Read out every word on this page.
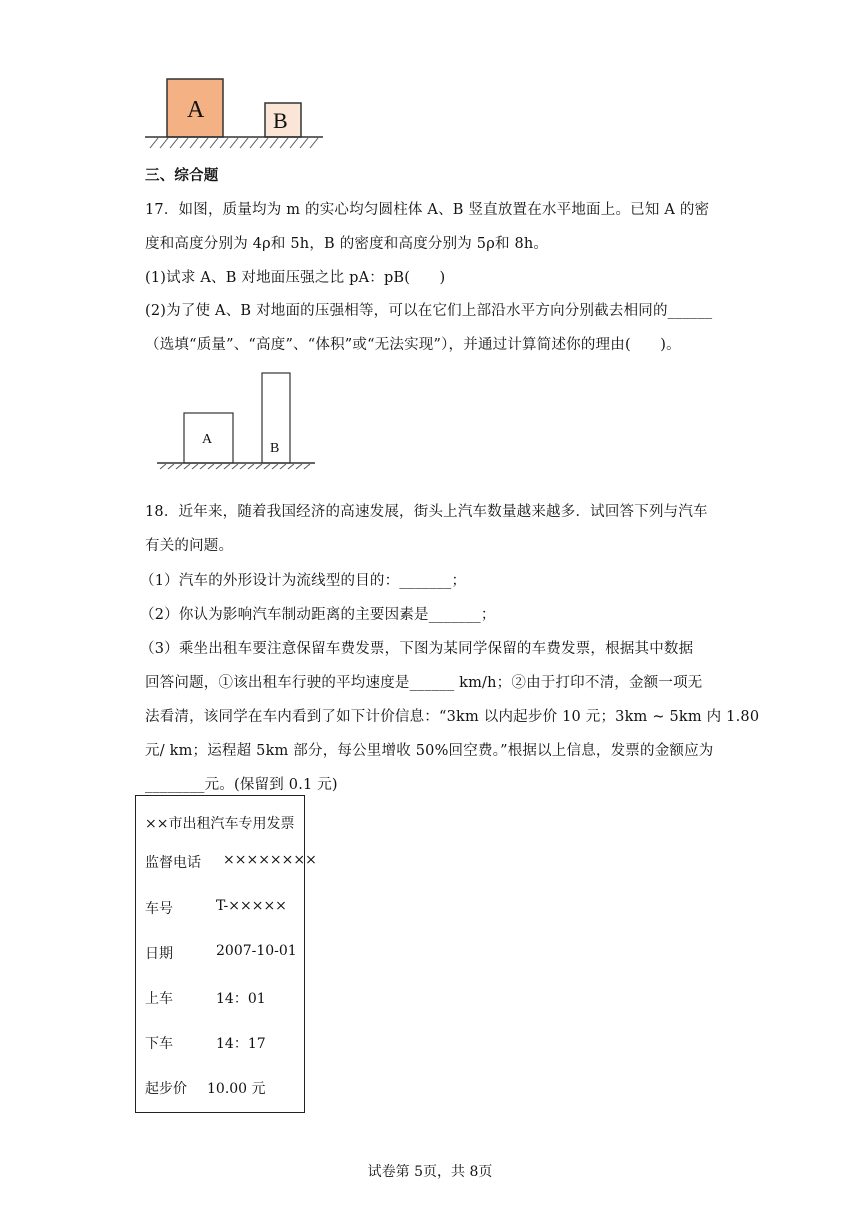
A	B
三、综合题
17．如图，质量均为 m 的实心均匀圆柱体 A、B 竖直放置在水平地面上。已知 A 的密
度和高度分别为 4ρ和 5h，B 的密度和高度分别为 5ρ和 8h。
(1)试求 A、B 对地面压强之比 pA：pB(　　)
(2)为了使 A、B 对地面的压强相等，可以在它们上部沿水平方向分别截去相同的______
（选填“质量”、“高度”、“体积”或“无法实现”），并通过计算简述你的理由(　　)。
A
B
18．近年来，随着我国经济的高速发展，街头上汽车数量越来越多．试回答下列与汽车
有关的问题。
（1）汽车的外形设计为流线型的目的：_______；
（2）你认为影响汽车制动距离的主要因素是_______；
（3）乘坐出租车要注意保留车费发票，下图为某同学保留的车费发票，根据其中数据
回答问题，①该出租车行驶的平均速度是______ km/h；②由于打印不清，金额一项无
法看清，该同学在车内看到了如下计价信息：“3km 以内起步价 10 元；3km ~ 5km 内 1.80
元/ km；运程超 5km 部分，每公里增收 50%回空费。”根据以上信息，发票的金额应为
________元。(保留到 0.1 元)
××市出租汽车专用发票
监督电话 ××××××××
车号	T-×××××
日期	2007-10-01
上车	14：01
下车	14：17
起步价 10.00 元
试卷第 5页，共 8页
